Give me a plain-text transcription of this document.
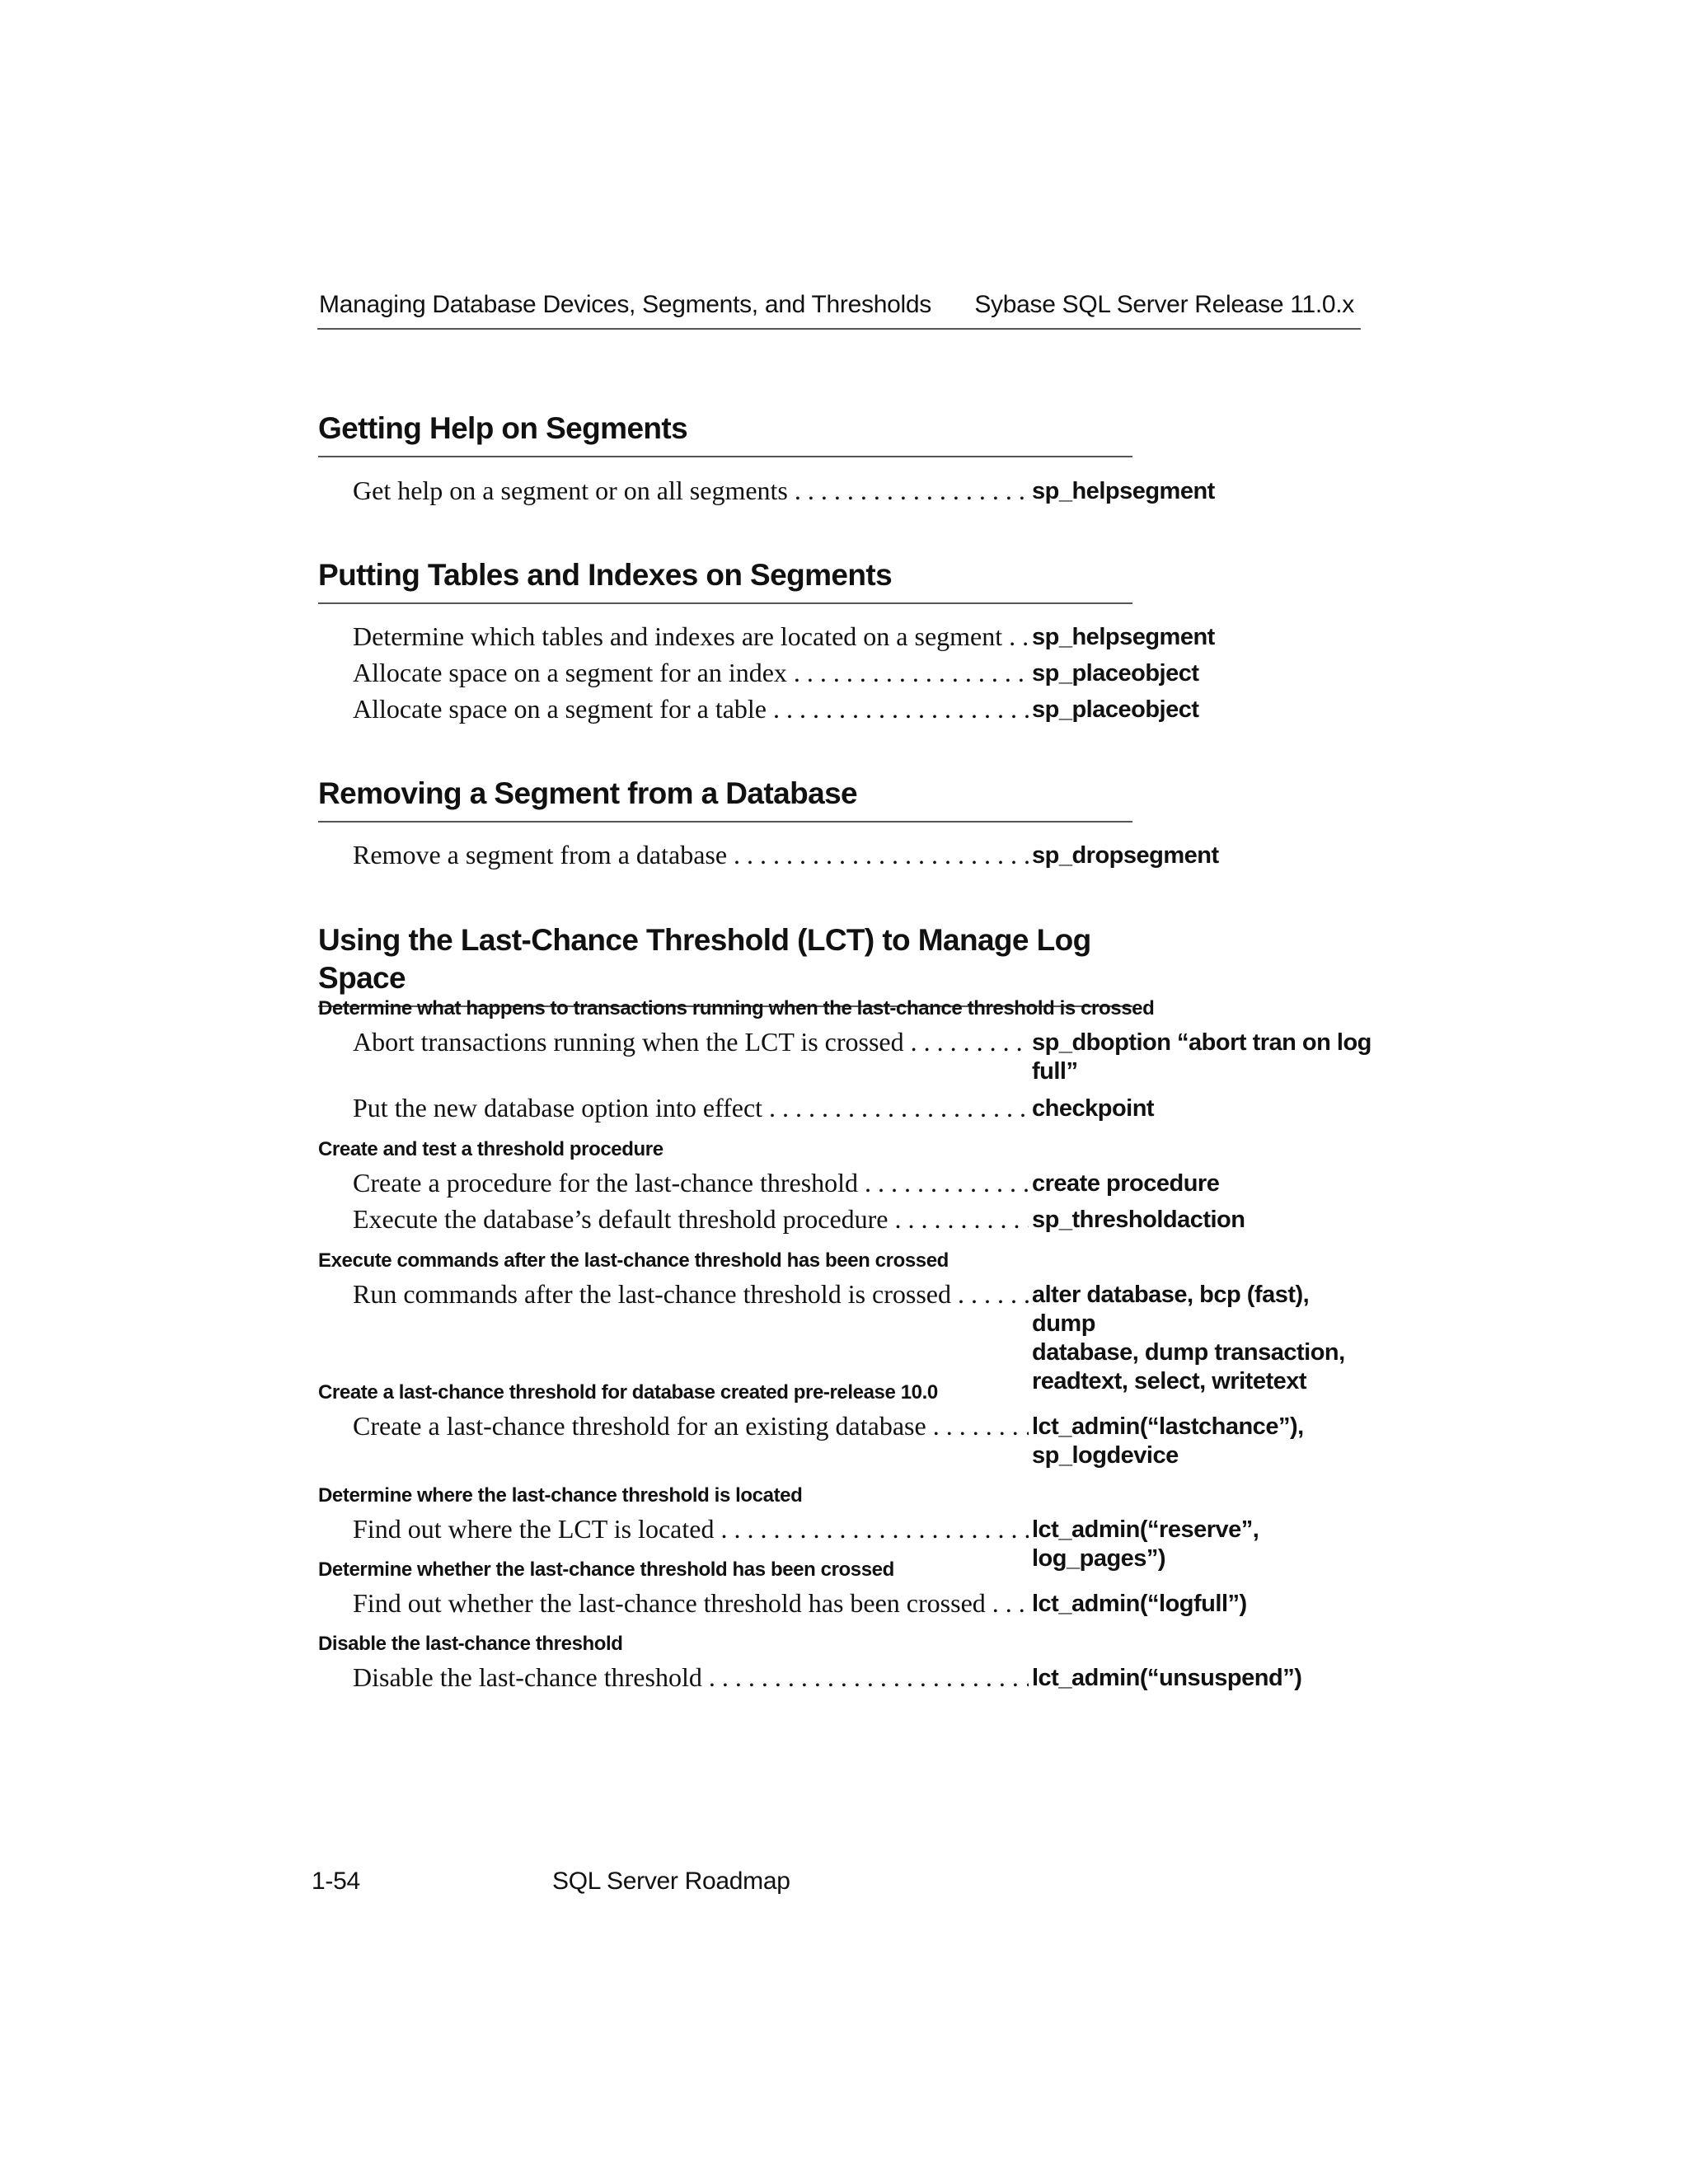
Managing Database Devices, Segments, and Thresholds Sybase SQL Server Release 11.0.x
Getting Help on Segments
Get help on a segment or on all segments . . .	sp_helpsegment
Putting Tables and Indexes on Segments
Determine which tables and indexes are located on a segment . . .	sp_helpsegment
Allocate space on a segment for an index . . .	sp_placeobject
Allocate space on a segment for a table . . .	sp_placeobject
Removing a Segment from a Database
Remove a segment from a database . . .	sp_dropsegment
Using the Last-Chance Threshold (LCT) to Manage Log Space
Determine what happens to transactions running when the last-chance threshold is crossed
Abort transactions running when the LCT is crossed . . .	sp_dboption “abort tran on log
full”
Put the new database option into effect . . .	checkpoint
Create and test a threshold procedure
Create a procedure for the last-chance threshold . . .	create procedure
Execute the database’s default threshold procedure . . .	sp_thresholdaction
Execute commands after the last-chance threshold has been crossed
Run commands after the last-chance threshold is crossed . . .	alter database, bcp (fast), dump
database, dump transaction,
readtext, select, writetext
Create a last-chance threshold for database created pre-release 10.0
Create a last-chance threshold for an existing database . . .	lct_admin(“lastchance”),
sp_logdevice
Determine where the last-chance threshold is located
Find out where the LCT is located . . .	lct_admin(“reserve”, log_pages”)
Determine whether the last-chance threshold has been crossed
Find out whether the last-chance threshold has been crossed . . .	lct_admin(“logfull”)
Disable the last-chance threshold
Disable the last-chance threshold . . .	lct_admin(“unsuspend”)
1-54	SQL Server Roadmap
